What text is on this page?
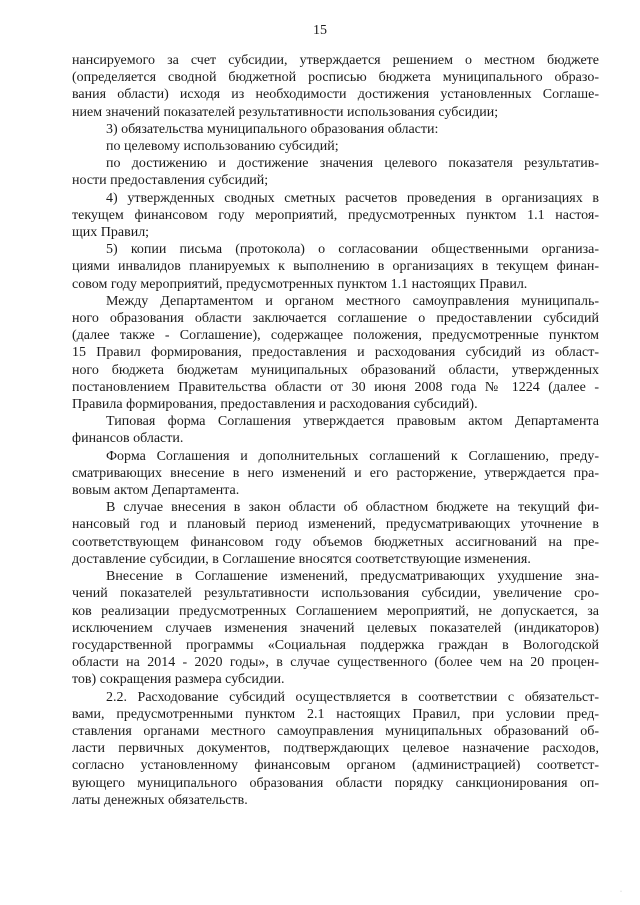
15

нансируемого за счет субсидии, утверждается решением о местном бюджете
(определяется сводной бюджетной росписью бюджета муниципального образо-
вания области) исходя из необходимости достижения установленных Соглаше-
нием значений показателей результативности использования субсидии;

3) обязательства муниципального образования области:

по целевому использованию субсидий;

по достижению и достижение значения целевого показателя результатив-
ности предоставления субсидий;

4) утвержденных сводных сметных расчетов проведения в организациях в
текущем финансовом году мероприятий, предусмотренных пунктом 1.1 настоя-
щих Правил;

5) копии письма (протокола) о согласовании общественными организа-
циями инвалидов планируемых к выполнению в организациях в текущем финан-
совом году мероприятий, предусмотренных пунктом 1.1 настоящих Правил.

Между Департаментом и органом местного самоуправления муниципаль-
ного образования области заключается соглашение о предоставлении субсидий
(далее также - Соглашение), содержащее положения, предусмотренные пунктом
15 Правил формирования, предоставления и расходования субсидий из област-
ного бюджета бюджетам муниципальных образований области, утвержденных
постановлением Правительства области от 30 июня 2008 года № 1224 (далее -
Правила формирования, предоставления и расходования субсидий).

Типовая форма Соглашения утверждается правовым актом Департамента
финансов области.

Форма Соглашения и дополнительных соглашений к Соглашению, преду-
сматривающих внесение в него изменений и его расторжение, утверждается пра-
вовым актом Департамента.

В случае внесения в закон области об областном бюджете на текущий фи-
нансовый год и плановый период изменений, предусматривающих уточнение в
соответствующем финансовом году объемов бюджетных ассигнований на пре-
доставление субсидии, в Соглашение вносятся соответствующие изменения.

Внесение в Соглашение изменений, предусматривающих ухудшение зна-
чений показателей результативности использования субсидии, увеличение сро-
ков реализации предусмотренных Соглашением мероприятий, не допускается, за
исключением случаев изменения значений целевых показателей (индикаторов)
государственной программы «Социальная поддержка граждан в Вологодской
области на 2014 - 2020 годы», в случае существенного (более чем на 20 процен-
тов) сокращения размера субсидии.

2.2. Расходование субсидий осуществляется в соответствии с обязательст-
вами, предусмотренными пунктом 2.1 настоящих Правил, при условии пред-
ставления органами местного самоуправления муниципальных образований об-
ласти первичных документов, подтверждающих целевое назначение расходов,
согласно установленному финансовым органом (администрацией) соответст-
вующего муниципального образования области порядку санкционирования оп-
латы денежных обязательств.

·
